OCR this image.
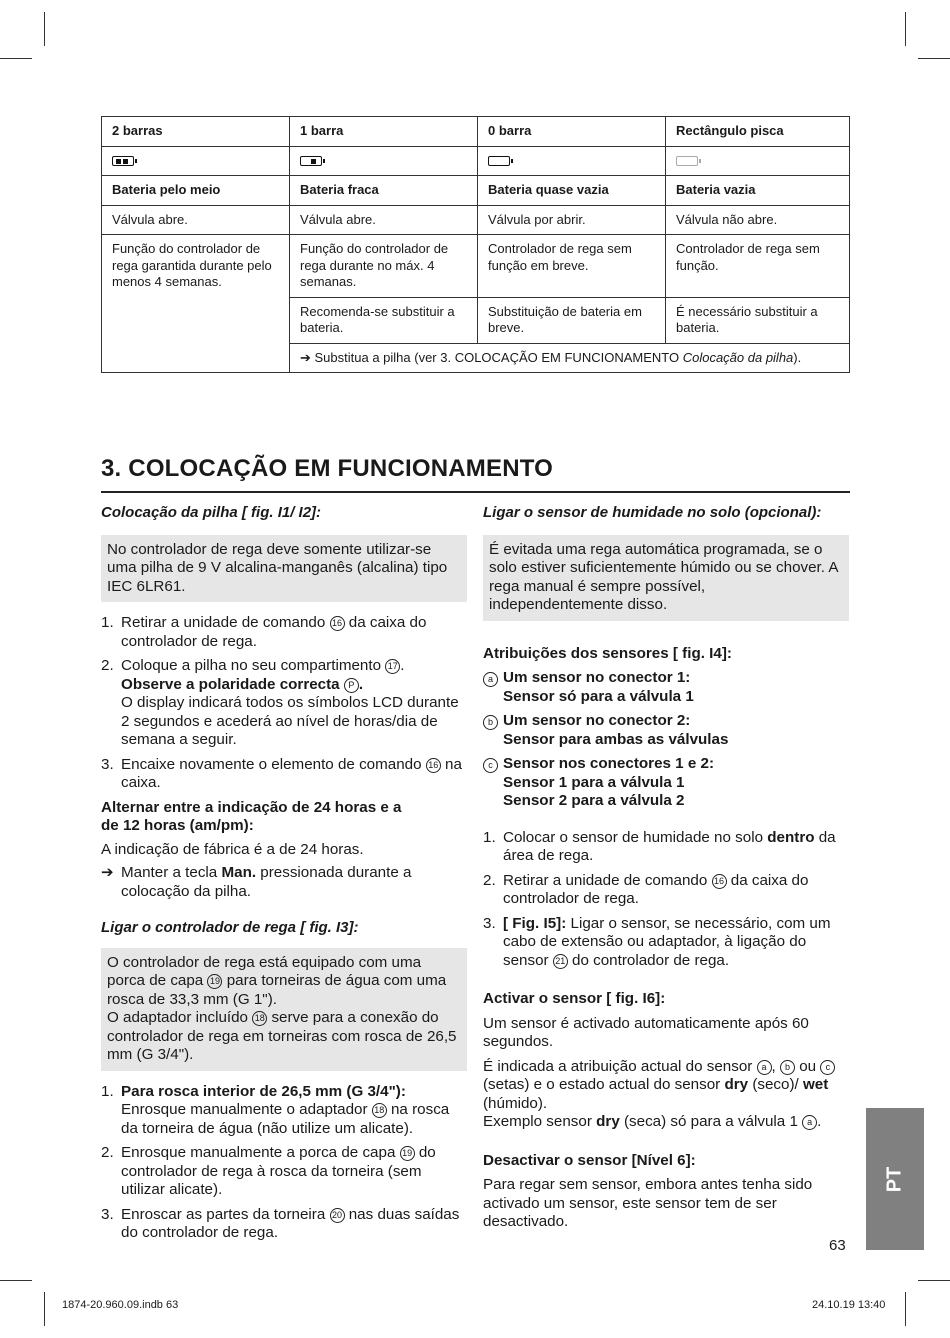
2 barras	1 barra	0 barra	Rectângulo pisca

Bateria pelo meio	Bateria fraca	Bateria quase vazia	Bateria vazia
Válvula abre.	Válvula abre.	Válvula por abrir.	Válvula não abre.
Função do controlador de rega garantida durante pelo menos 4 semanas.	Função do controlador de rega durante no máx. 4 semanas.	Controlador de rega sem função em breve.	Controlador de rega sem função.
	Recomenda-se substituir a bateria.	Substituição de bateria em breve.	É necessário substituir a bateria.
	➔ Substitua a pilha (ver 3. COLOCAÇÃO EM FUNCIONAMENTO Colocação da pilha).		
3. COLOCAÇÃO EM FUNCIONAMENTO

Colocação da pilha [ fig. I1/ I2]:

No controlador de rega deve somente utilizar-se uma pilha de 9 V alcalina-manganês (alcalina) tipo IEC 6LR61.
1. Retirar a unidade de comando 16 da caixa do controlador de rega.
2. Coloque a pilha no seu compartimento 17 .
Observe a polaridade correcta P .
O display indicará todos os símbolos LCD durante 2 segundos e acederá ao nível de horas/dia de semana a seguir.
3. Encaixe novamente o elemento de comando 16 na caixa.

Alternar entre a indicação de 24 horas e a de 12 horas (am/pm):

A indicação de fábrica é a de 24 horas.

➔ Manter a tecla Man. pressionada durante a colocação da pilha.

Ligar o controlador de rega [ fig. I3]:

O controlador de rega está equipado com uma porca de capa 19 para torneiras de água com uma rosca de 33,3 mm (G 1").
O adaptador incluído 18 serve para a conexão do controlador de rega em torneiras com rosca de 26,5 mm (G 3/4").
1. Para rosca interior de 26,5 mm (G 3/4"):
Enrosque manualmente o adaptador 18 na rosca da torneira de água (não utilize um alicate).
2. Enrosque manualmente a porca de capa 19 do controlador de rega à rosca da torneira (sem utilizar alicate).
3. Enroscar as partes da torneira 20 nas duas saídas do controlador de rega.

Ligar o sensor de humidade no solo (opcional):

É evitada uma rega automática programada, se o solo estiver suficientemente húmido ou se chover. A rega manual é sempre possível, independentemente disso.

Atribuições dos sensores [ fig. I4]:

a Um sensor no conector 1:
Sensor só para a válvula 1
b Um sensor no conector 2:
Sensor para ambas as válvulas
c Sensor nos conectores 1 e 2:
Sensor 1 para a válvula 1
Sensor 2 para a válvula 2
1. Colocar o sensor de humidade no solo dentro da área de rega.
2. Retirar a unidade de comando 16 da caixa do controlador de rega.
3. [ Fig. I5]: Ligar o sensor, se necessário, com um cabo de extensão ou adaptador, à ligação do sensor 21 do controlador de rega.

Activar o sensor [ fig. I6]:

Um sensor é activado automaticamente após 60 segundos.

É indicada a atribuição actual do sensor a , b ou c (setas) e o estado actual do sensor dry (seco)/ wet (húmido).
Exemplo sensor dry (seca) só para a válvula 1 a .

Desactivar o sensor [Nível 6]:

Para regar sem sensor, embora antes tenha sido activado um sensor, este sensor tem de ser desactivado.

PT
63
1874-20.960.09.indb 63	24.10.19 13:40
